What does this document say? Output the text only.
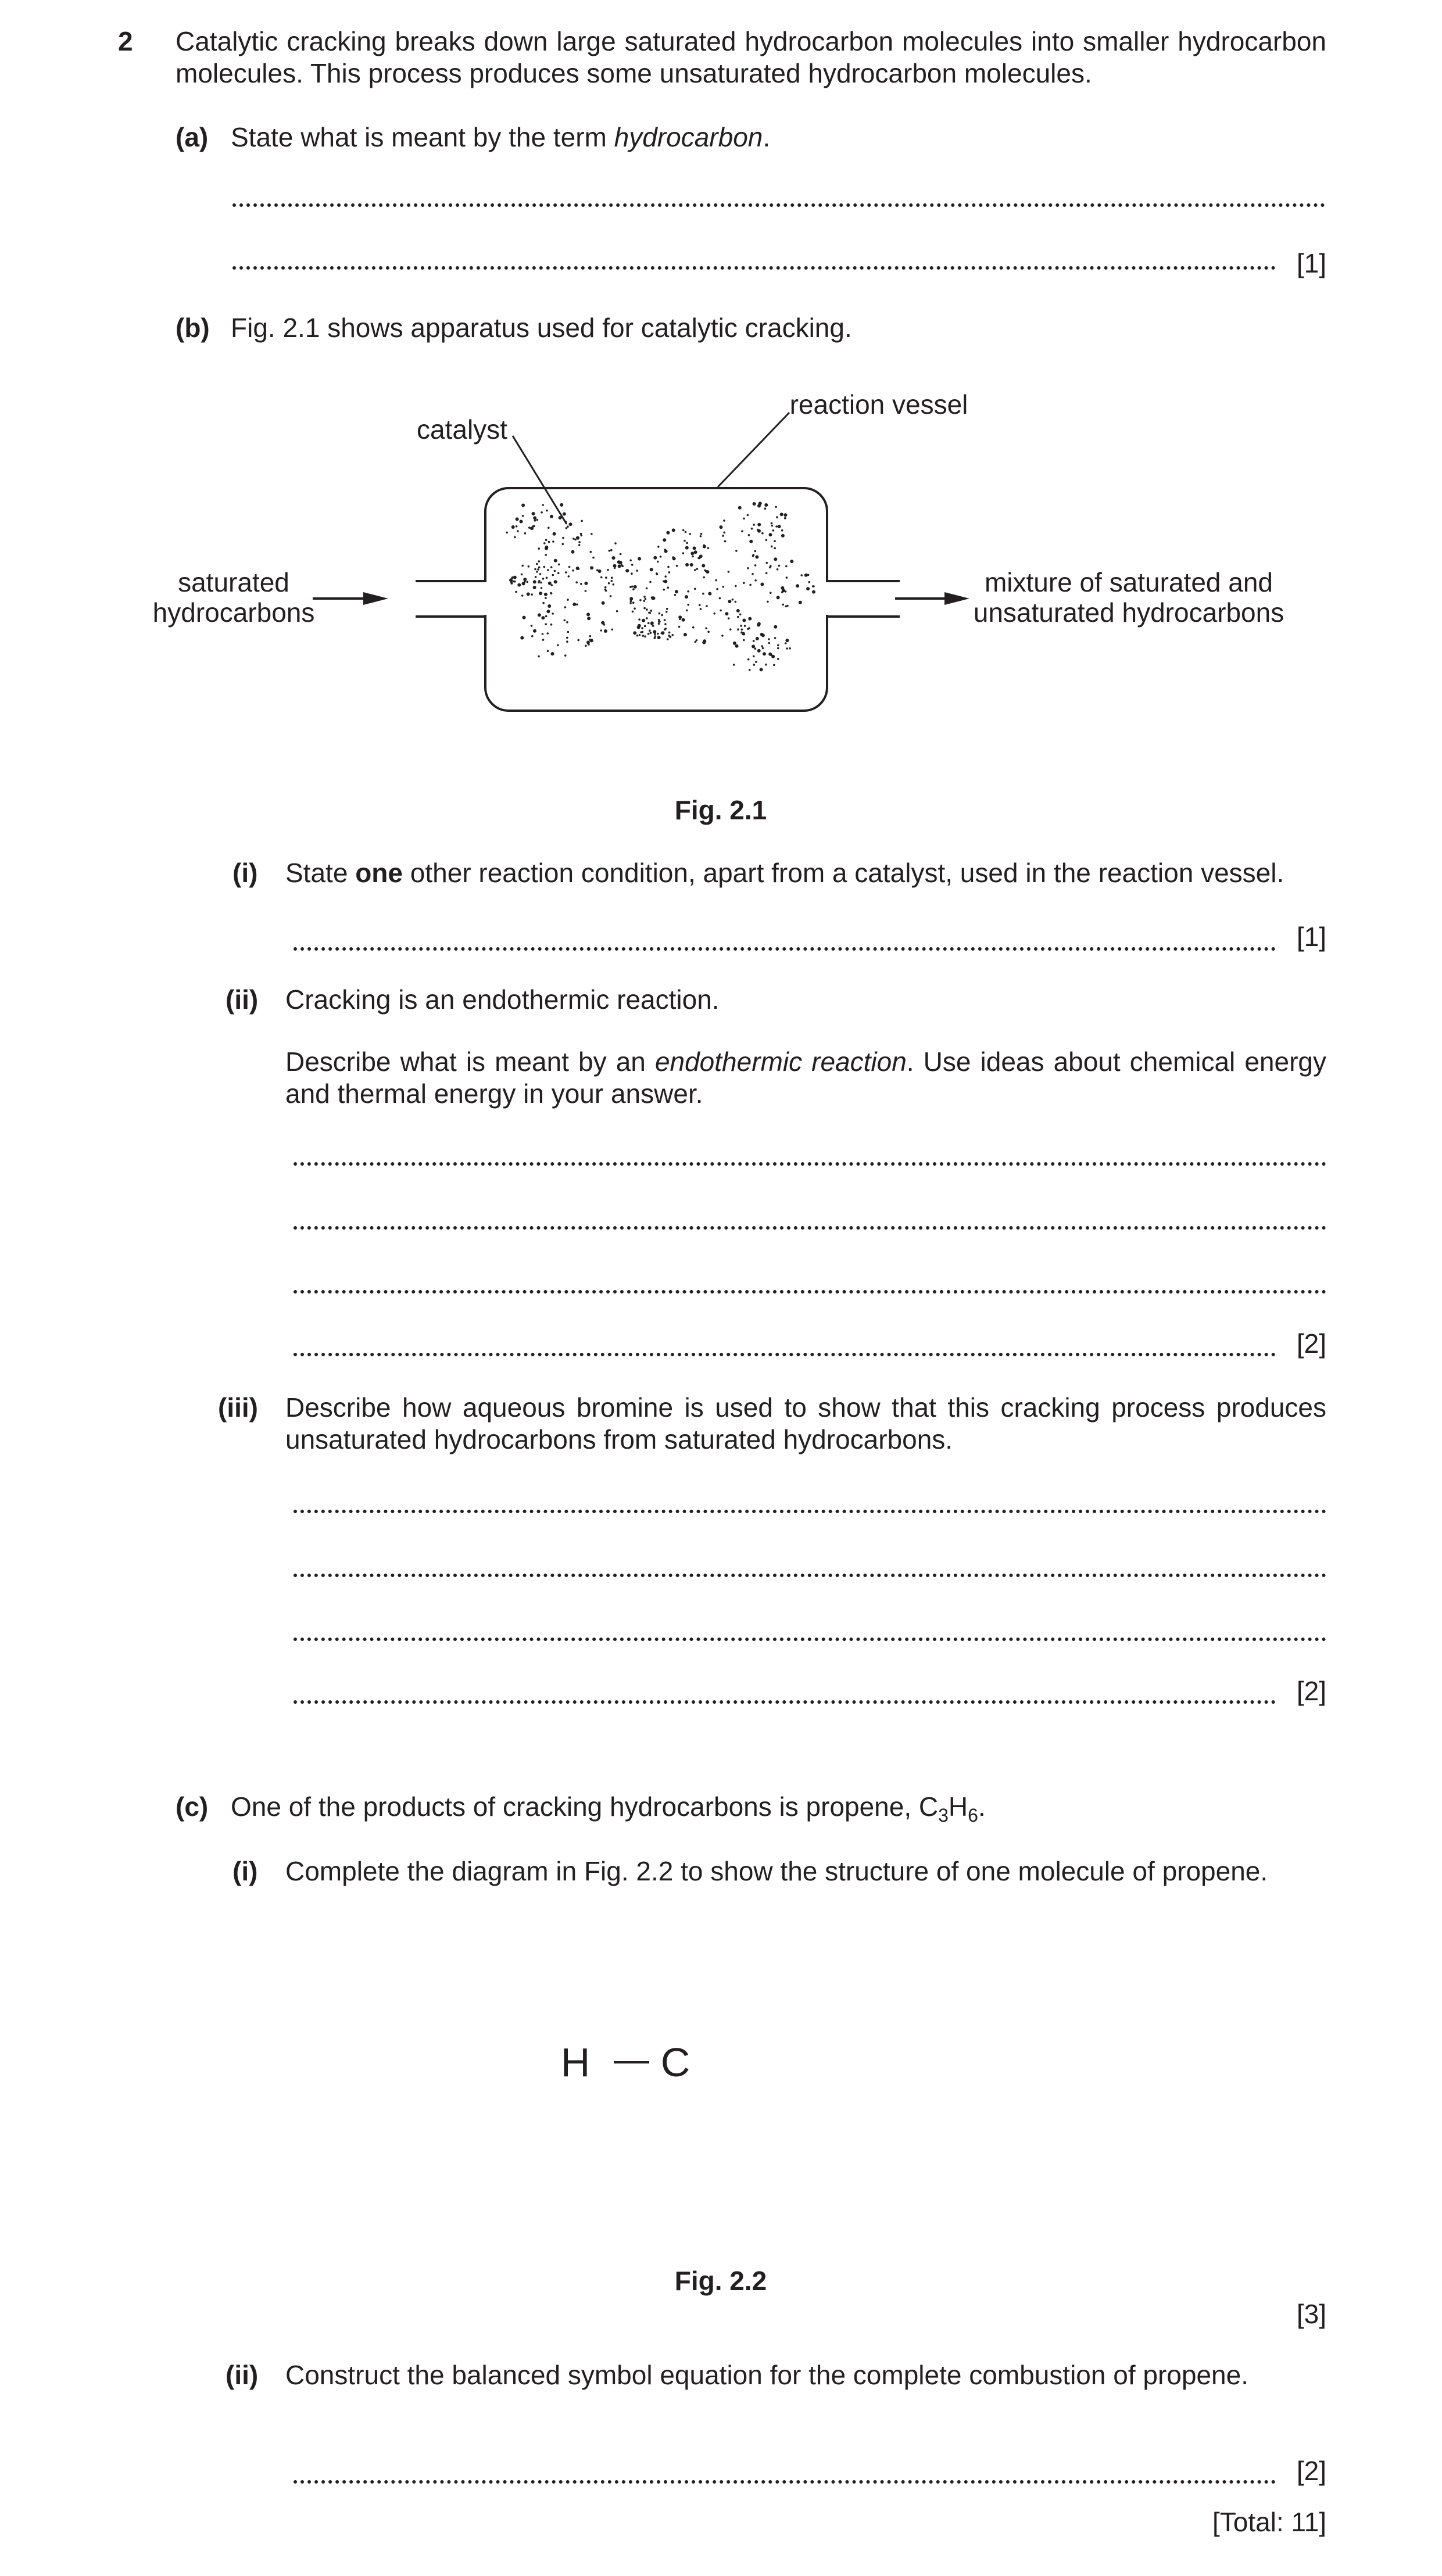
2 Catalytic cracking breaks down large saturated hydrocarbon molecules into smaller hydrocarbon molecules. This process produces some unsaturated hydrocarbon molecules.
(a) State what is meant by the term hydrocarbon.
[1]
(b) Fig. 2.1 shows apparatus used for catalytic cracking.
catalyst
reaction vessel
saturated
hydrocarbons
mixture of saturated and
unsaturated hydrocarbons
Fig. 2.1
(i) State one other reaction condition, apart from a catalyst, used in the reaction vessel.
[1]
(ii) Cracking is an endothermic reaction.
Describe what is meant by an endothermic reaction. Use ideas about chemical energy and thermal energy in your answer.
[2]
(iii) Describe how aqueous bromine is used to show that this cracking process produces unsaturated hydrocarbons from saturated hydrocarbons.
[2]
(c) One of the products of cracking hydrocarbons is propene, $C_3H_6$.
(i) Complete the diagram in Fig. 2.2 to show the structure of one molecule of propene.
H C
Fig. 2.2
[3]
(ii) Construct the balanced symbol equation for the complete combustion of propene.
[2]
[Total: 11]
